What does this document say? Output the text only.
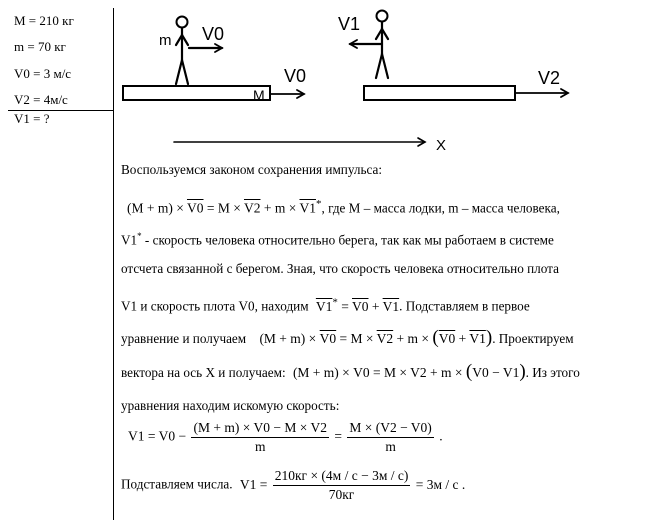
M = 210 кг
m = 70 кг
V0 = 3 м/с
V2 = 4м/с
V1 = ?
m V0
V0
M
V1
V2
X
Воспользуемся законом сохранения импульса:
(M + m) × V0 = M × V2 + m × V1*, где M – масса лодки, m – масса человека,
V1* - скорость человека относительно берега, так как мы работаем в системе
отсчета связанной с берегом. Зная, что скорость человека относительно плота
V1 и скорость плота V0, находим V1* = V0 + V1. Подставляем в первое
уравнение и получаем (M + m) × V0 = M × V2 + m × (V0 + V1). Проектируем
вектора на ось X и получаем: (M + m) × V0 = M × V2 + m × (V0 − V1). Из этого
уравнения находим искомую скорость:
$V1 = V0 - \frac{(M + m) \times V0 - M \times V2}{m} = \frac{M \times (V2 - V0)}{m}$ .
Подставляем числа. $V1 = \frac{210кг \times (4м / с - 3м / с)}{70кг} = 3м / с$ .
